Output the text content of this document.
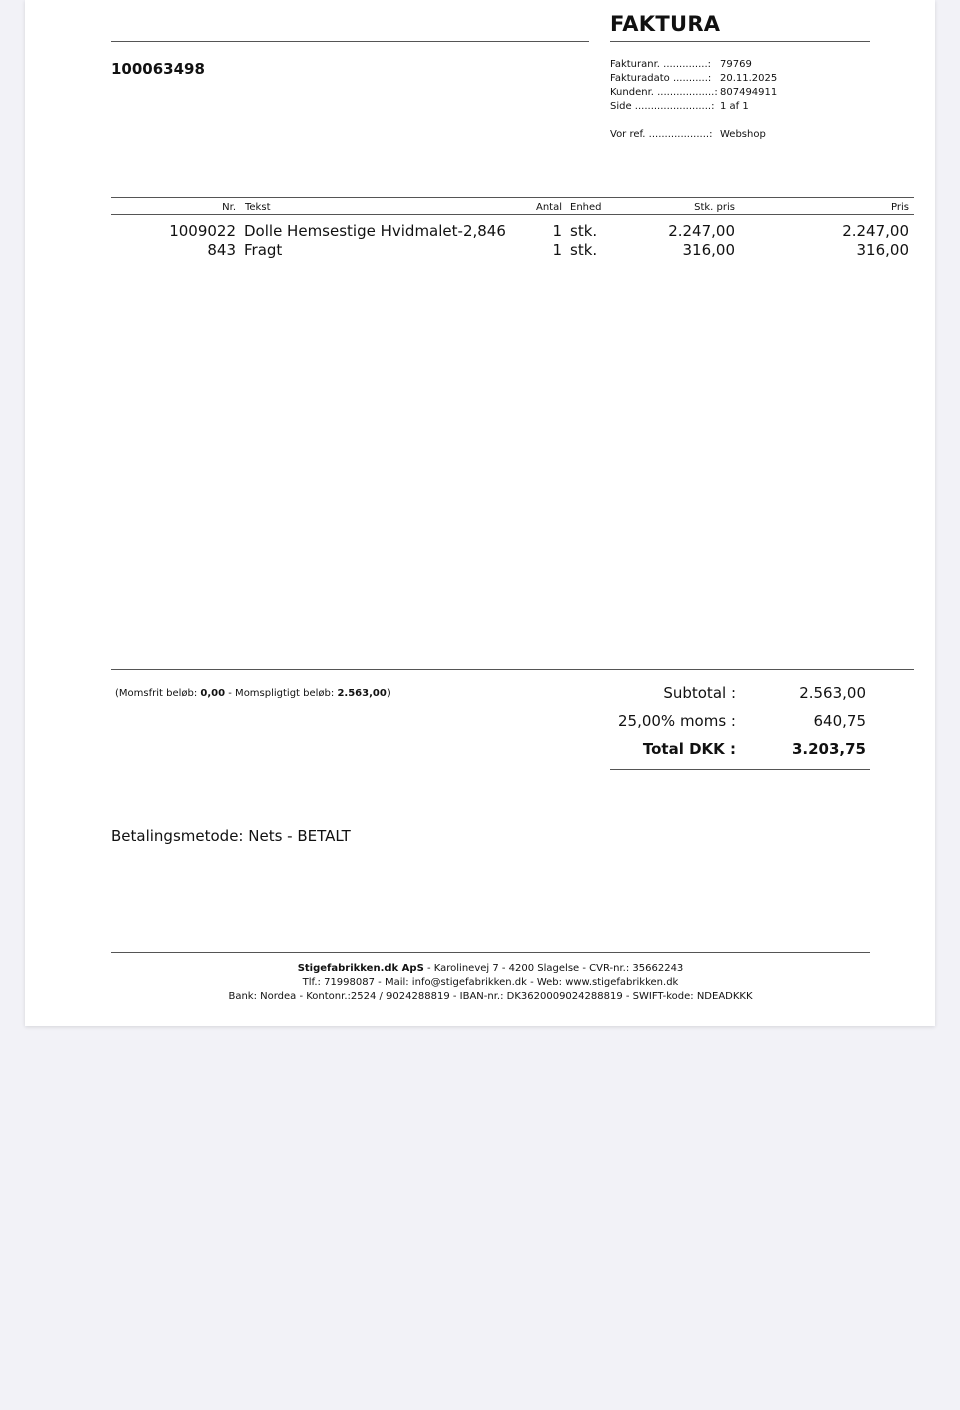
FAKTURA
100063498	Fakturanr. ..............: 79769
Fakturadato ...........: 20.11.2025
Kundenr. ..................: 807494911
Side ........................: 1 af 1
Vor ref. ...................: Webshop
Nr. Tekst	Antal Enhed	Stk. pris	Pris
1009022 Dolle Hemsestige Hvidmalet-2,846	1 stk.	2.247,00	2.247,00
843 Fragt	1 stk.	316,00	316,00
(Momsfrit beløb: 0,00 - Momspligtigt beløb: 2.563,00)	Subtotal :	2.563,00
25,00% moms :	640,75
Total DKK :	3.203,75
Betalingsmetode: Nets - BETALT
Stigefabrikken.dk ApS - Karolinevej 7 - 4200 Slagelse - CVR-nr.: 35662243
Tlf.: 71998087 - Mail: info@stigefabrikken.dk - Web: www.stigefabrikken.dk
Bank: Nordea - Kontonr.:2524 / 9024288819 - IBAN-nr.: DK3620009024288819 - SWIFT-kode: NDEADKKK
